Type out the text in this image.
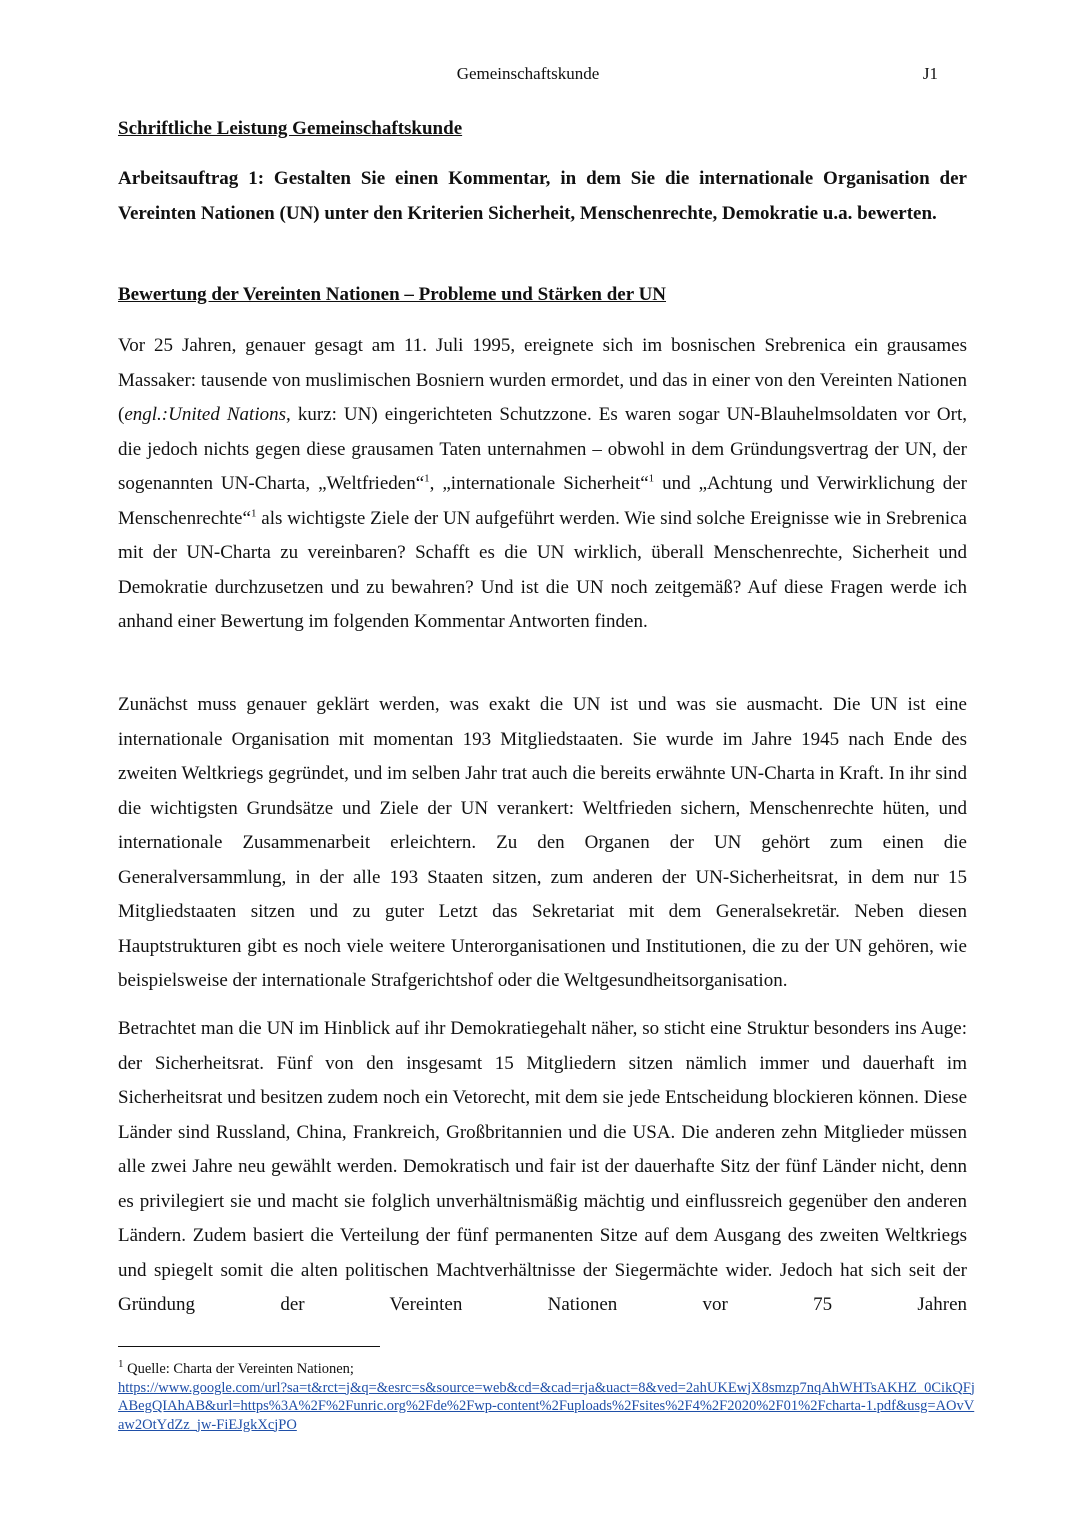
Gemeinschaftskunde	J1
Schriftliche Leistung Gemeinschaftskunde

Arbeitsauftrag 1: Gestalten Sie einen Kommentar, in dem Sie die internationale Organisation der Vereinten Nationen (UN) unter den Kriterien Sicherheit, Menschenrechte, Demokratie u.a. bewerten.

Bewertung der Vereinten Nationen – Probleme und Stärken der UN

Vor 25 Jahren, genauer gesagt am 11. Juli 1995, ereignete sich im bosnischen Srebrenica ein grausames Massaker: tausende von muslimischen Bosniern wurden ermordet, und das in einer von den Vereinten Nationen (engl.:United Nations, kurz: UN) eingerichteten Schutzzone. Es waren sogar UN-Blauhelmsoldaten vor Ort, die jedoch nichts gegen diese grausamen Taten unternahmen – obwohl in dem Gründungsvertrag der UN, der sogenannten UN-Charta, „Weltfrieden“$^1$, „internationale Sicherheit“$^1$ und „Achtung und Verwirklichung der Menschenrechte“$^1$ als wichtigste Ziele der UN aufgeführt werden. Wie sind solche Ereignisse wie in Srebrenica mit der UN-Charta zu vereinbaren? Schafft es die UN wirklich, überall Menschenrechte, Sicherheit und Demokratie durchzusetzen und zu bewahren? Und ist die UN noch zeitgemäß? Auf diese Fragen werde ich anhand einer Bewertung im folgenden Kommentar Antworten finden.

Zunächst muss genauer geklärt werden, was exakt die UN ist und was sie ausmacht. Die UN ist eine internationale Organisation mit momentan 193 Mitgliedstaaten. Sie wurde im Jahre 1945 nach Ende des zweiten Weltkriegs gegründet, und im selben Jahr trat auch die bereits erwähnte UN-Charta in Kraft. In ihr sind die wichtigsten Grundsätze und Ziele der UN verankert: Weltfrieden sichern, Menschenrechte hüten, und internationale Zusammenarbeit erleichtern. Zu den Organen der UN gehört zum einen die Generalversammlung, in der alle 193 Staaten sitzen, zum anderen der UN-Sicherheitsrat, in dem nur 15 Mitgliedstaaten sitzen und zu guter Letzt das Sekretariat mit dem Generalsekretär. Neben diesen Hauptstrukturen gibt es noch viele weitere Unterorganisationen und Institutionen, die zu der UN gehören, wie beispielsweise der internationale Strafgerichtshof oder die Weltgesundheitsorganisation.

Betrachtet man die UN im Hinblick auf ihr Demokratiegehalt näher, so sticht eine Struktur besonders ins Auge: der Sicherheitsrat. Fünf von den insgesamt 15 Mitgliedern sitzen nämlich immer und dauerhaft im Sicherheitsrat und besitzen zudem noch ein Vetorecht, mit dem sie jede Entscheidung blockieren können. Diese Länder sind Russland, China, Frankreich, Großbritannien und die USA. Die anderen zehn Mitglieder müssen alle zwei Jahre neu gewählt werden. Demokratisch und fair ist der dauerhafte Sitz der fünf Länder nicht, denn es privilegiert sie und macht sie folglich unverhältnismäßig mächtig und einflussreich gegenüber den anderen Ländern. Zudem basiert die Verteilung der fünf permanenten Sitze auf dem Ausgang des zweiten Weltkriegs und spiegelt somit die alten politischen Machtverhältnisse der Siegermächte wider. Jedoch hat sich seit der Gründung der Vereinten Nationen vor 75 Jahren

$^1$ Quelle: Charta der Vereinten Nationen;
https://www.google.com/url?sa=t&rct=j&q=&esrc=s&source=web&cd=&cad=rja&uact=8&ved=2ahUKEwjX8smzp7nqAhWHTsAKHZ_0CikQFjABegQIAhAB&url=https%3A%2F%2Funric.org%2Fde%2Fwp-content%2Fuploads%2Fsites%2F4%2F2020%2F01%2Fcharta-1.pdf&usg=AOvVaw2OtYdZz_jw-FiEJgkXcjPO
